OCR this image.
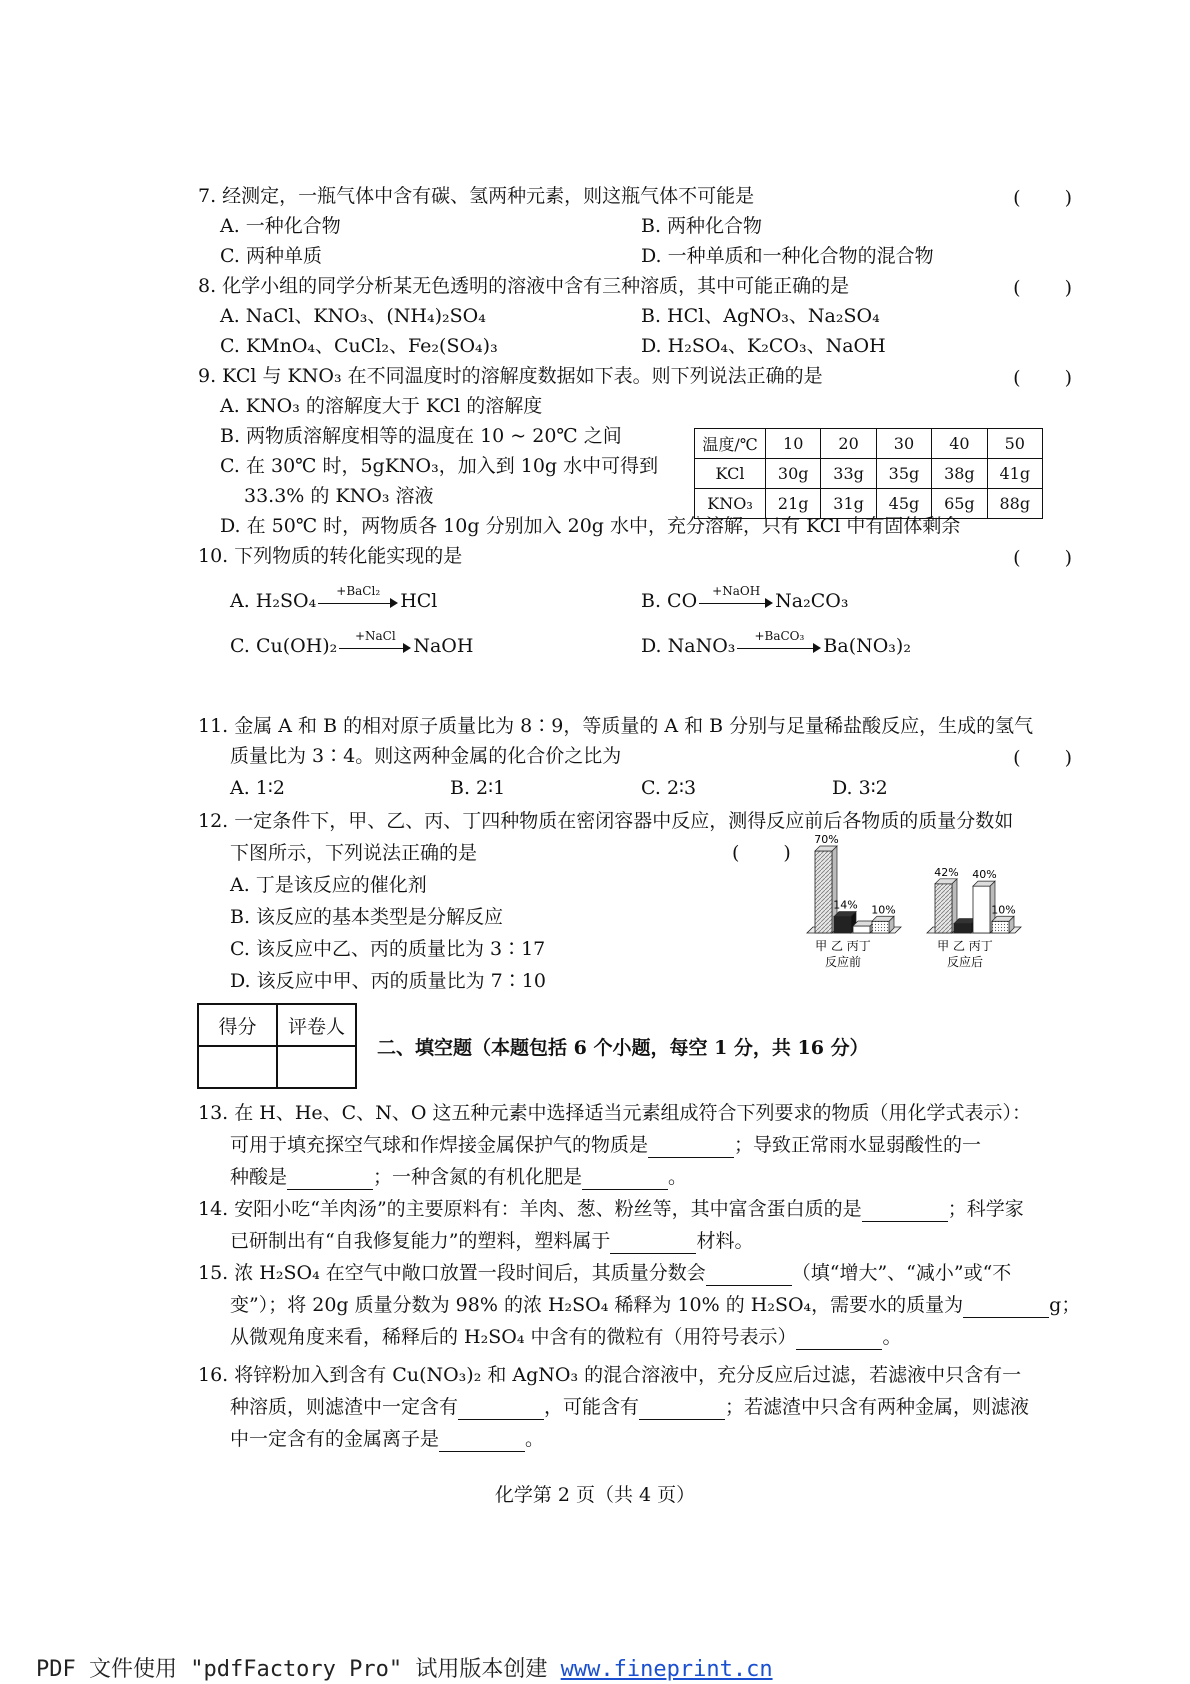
7. 经测定，一瓶气体中含有碳、氢两种元素，则这瓶气体不可能是	(　　)
A. 一种化合物	B. 两种化合物
C. 两种单质	D. 一种单质和一种化合物的混合物
8. 化学小组的同学分析某无色透明的溶液中含有三种溶质，其中可能正确的是	(　　)
A. NaCl、KNO₃、(NH₄)₂SO₄	B. HCl、AgNO₃、Na₂SO₄
C. KMnO₄、CuCl₂、Fe₂(SO₄)₃	D. H₂SO₄、K₂CO₃、NaOH
9. KCl 与 KNO₃ 在不同温度时的溶解度数据如下表。则下列说法正确的是	(　　)
A. KNO₃ 的溶解度大于 KCl 的溶解度
B. 两物质溶解度相等的温度在 10 ~ 20℃ 之间
C. 在 30℃ 时，5gKNO₃，加入到 10g 水中可得到
33.3% 的 KNO₃ 溶液
D. 在 50℃ 时，两物质各 10g 分别加入 20g 水中，充分溶解，只有 KCl 中有固体剩余
温度/℃	10	20	30	40	50
KCl	30g	33g	35g	38g	41g
KNO₃	21g	31g	45g	65g	88g
10. 下列物质的转化能实现的是	(　　)
A. H₂SO₄	+BaCl₂	HCl	B. CO	+NaOH Na₂CO₃
C. Cu(OH)₂	+NaCl NaOH	D. NaNO₃	+BaCO₃	Ba(NO₃)₂
11. 金属 A 和 B 的相对原子质量比为 8∶9，等质量的 A 和 B 分别与足量稀盐酸反应，生成的氢气
质量比为 3∶4。则这两种金属的化合价之比为	(　　)
A. 1∶2	B. 2∶1	C. 2∶3	D. 3∶2
12. 一定条件下，甲、乙、丙、丁四种物质在密闭容器中反应，测得反应前后各物质的质量分数如
下图所示，下列说法正确的是	(　　)
A. 丁是该反应的催化剂
B. 该反应的基本类型是分解反应
C. 该反应中乙、丙的质量比为 3∶17
D. 该反应中甲、丙的质量比为 7∶10
70%
14% 10%
42% 40%
10%
甲 乙 丙丁
反应前
甲 乙 丙丁
反应后
得分	评卷人

二、填空题（本题包括 6 个小题，每空 1 分，共 16 分）
13. 在 H、He、C、N、O 这五种元素中选择适当元素组成符合下列要求的物质（用化学式表示）：
可用于填充探空气球和作焊接金属保护气的物质是	；导致正常雨水显弱酸性的一
种酸是	；一种含氮的有机化肥是	。
14. 安阳小吃“羊肉汤”的主要原料有：羊肉、葱、粉丝等，其中富含蛋白质的是	；科学家
已研制出有“自我修复能力”的塑料，塑料属于	材料。
15. 浓 H₂SO₄ 在空气中敞口放置一段时间后，其质量分数会	（填“增大”、“减小”或“不
变”）；将 20g 质量分数为 98% 的浓 H₂SO₄ 稀释为 10% 的 H₂SO₄，需要水的质量为	g；
从微观角度来看，稀释后的 H₂SO₄ 中含有的微粒有（用符号表示）	。
16. 将锌粉加入到含有 Cu(NO₃)₂ 和 AgNO₃ 的混合溶液中，充分反应后过滤，若滤液中只含有一
种溶质，则滤渣中一定含有	，可能含有	；若滤渣中只含有两种金属，则滤液
中一定含有的金属离子是	。
化学第 2 页（共 4 页）
PDF 文件使用 "pdfFactory Pro" 试用版本创建 www.fineprint.cn
